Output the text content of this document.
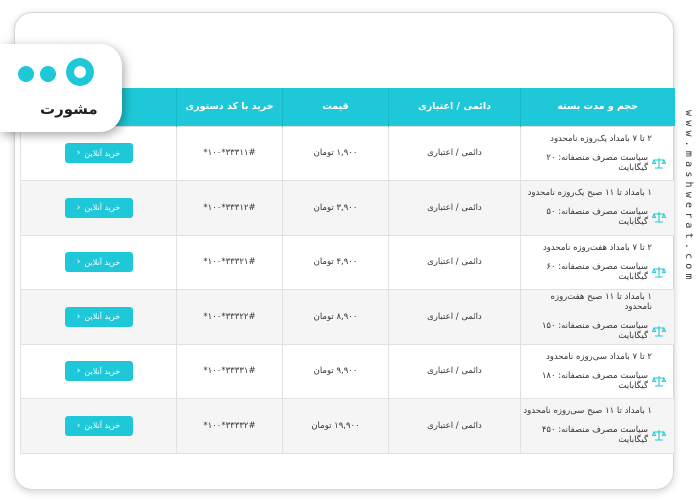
مشورت
www.mashwerat.com
حجم و مدت بسته	دائمی / اعتباری	قیمت	خرید با کد دستوری	

۲ تا ۷ بامداد یک‌روزه نامحدود
سیاست مصرف منصفانه: ۲۰ گیگابایت	دائمی / اعتباری	۱,۹۰۰ تومان	*۱۰۰*۳۳۳۱۱#	خرید آنلاین
‹

۱ بامداد تا ۱۱ صبح یک‌روزه نامحدود
سیاست مصرف منصفانه: ۵۰ گیگابایت	دائمی / اعتباری	۳,۹۰۰ تومان	*۱۰۰*۳۳۳۱۲#	خرید آنلاین
‹

۲ تا ۷ بامداد هفت‌روزه نامحدود
سیاست مصرف منصفانه: ۶۰ گیگابایت	دائمی / اعتباری	۴,۹۰۰ تومان	*۱۰۰*۳۳۳۲۱#	خرید آنلاین
‹

۱ بامداد تا ۱۱ صبح هفت‌روزه نامحدود
سیاست مصرف منصفانه: ۱۵۰ گیگابایت	دائمی / اعتباری	۸,۹۰۰ تومان	*۱۰۰*۳۳۳۲۲#	خرید آنلاین
‹

۲ تا ۷ بامداد سی‌روزه نامحدود
سیاست مصرف منصفانه: ۱۸۰ گیگابایت	دائمی / اعتباری	۹,۹۰۰ تومان	*۱۰۰*۳۳۳۳۱#	خرید آنلاین
‹

۱ بامداد تا ۱۱ صبح سی‌روزه نامحدود
سیاست مصرف منصفانه: ۴۵۰ گیگابایت	دائمی / اعتباری	۱۹,۹۰۰ تومان	*۱۰۰*۳۳۳۳۲#	خرید آنلاین
‹
